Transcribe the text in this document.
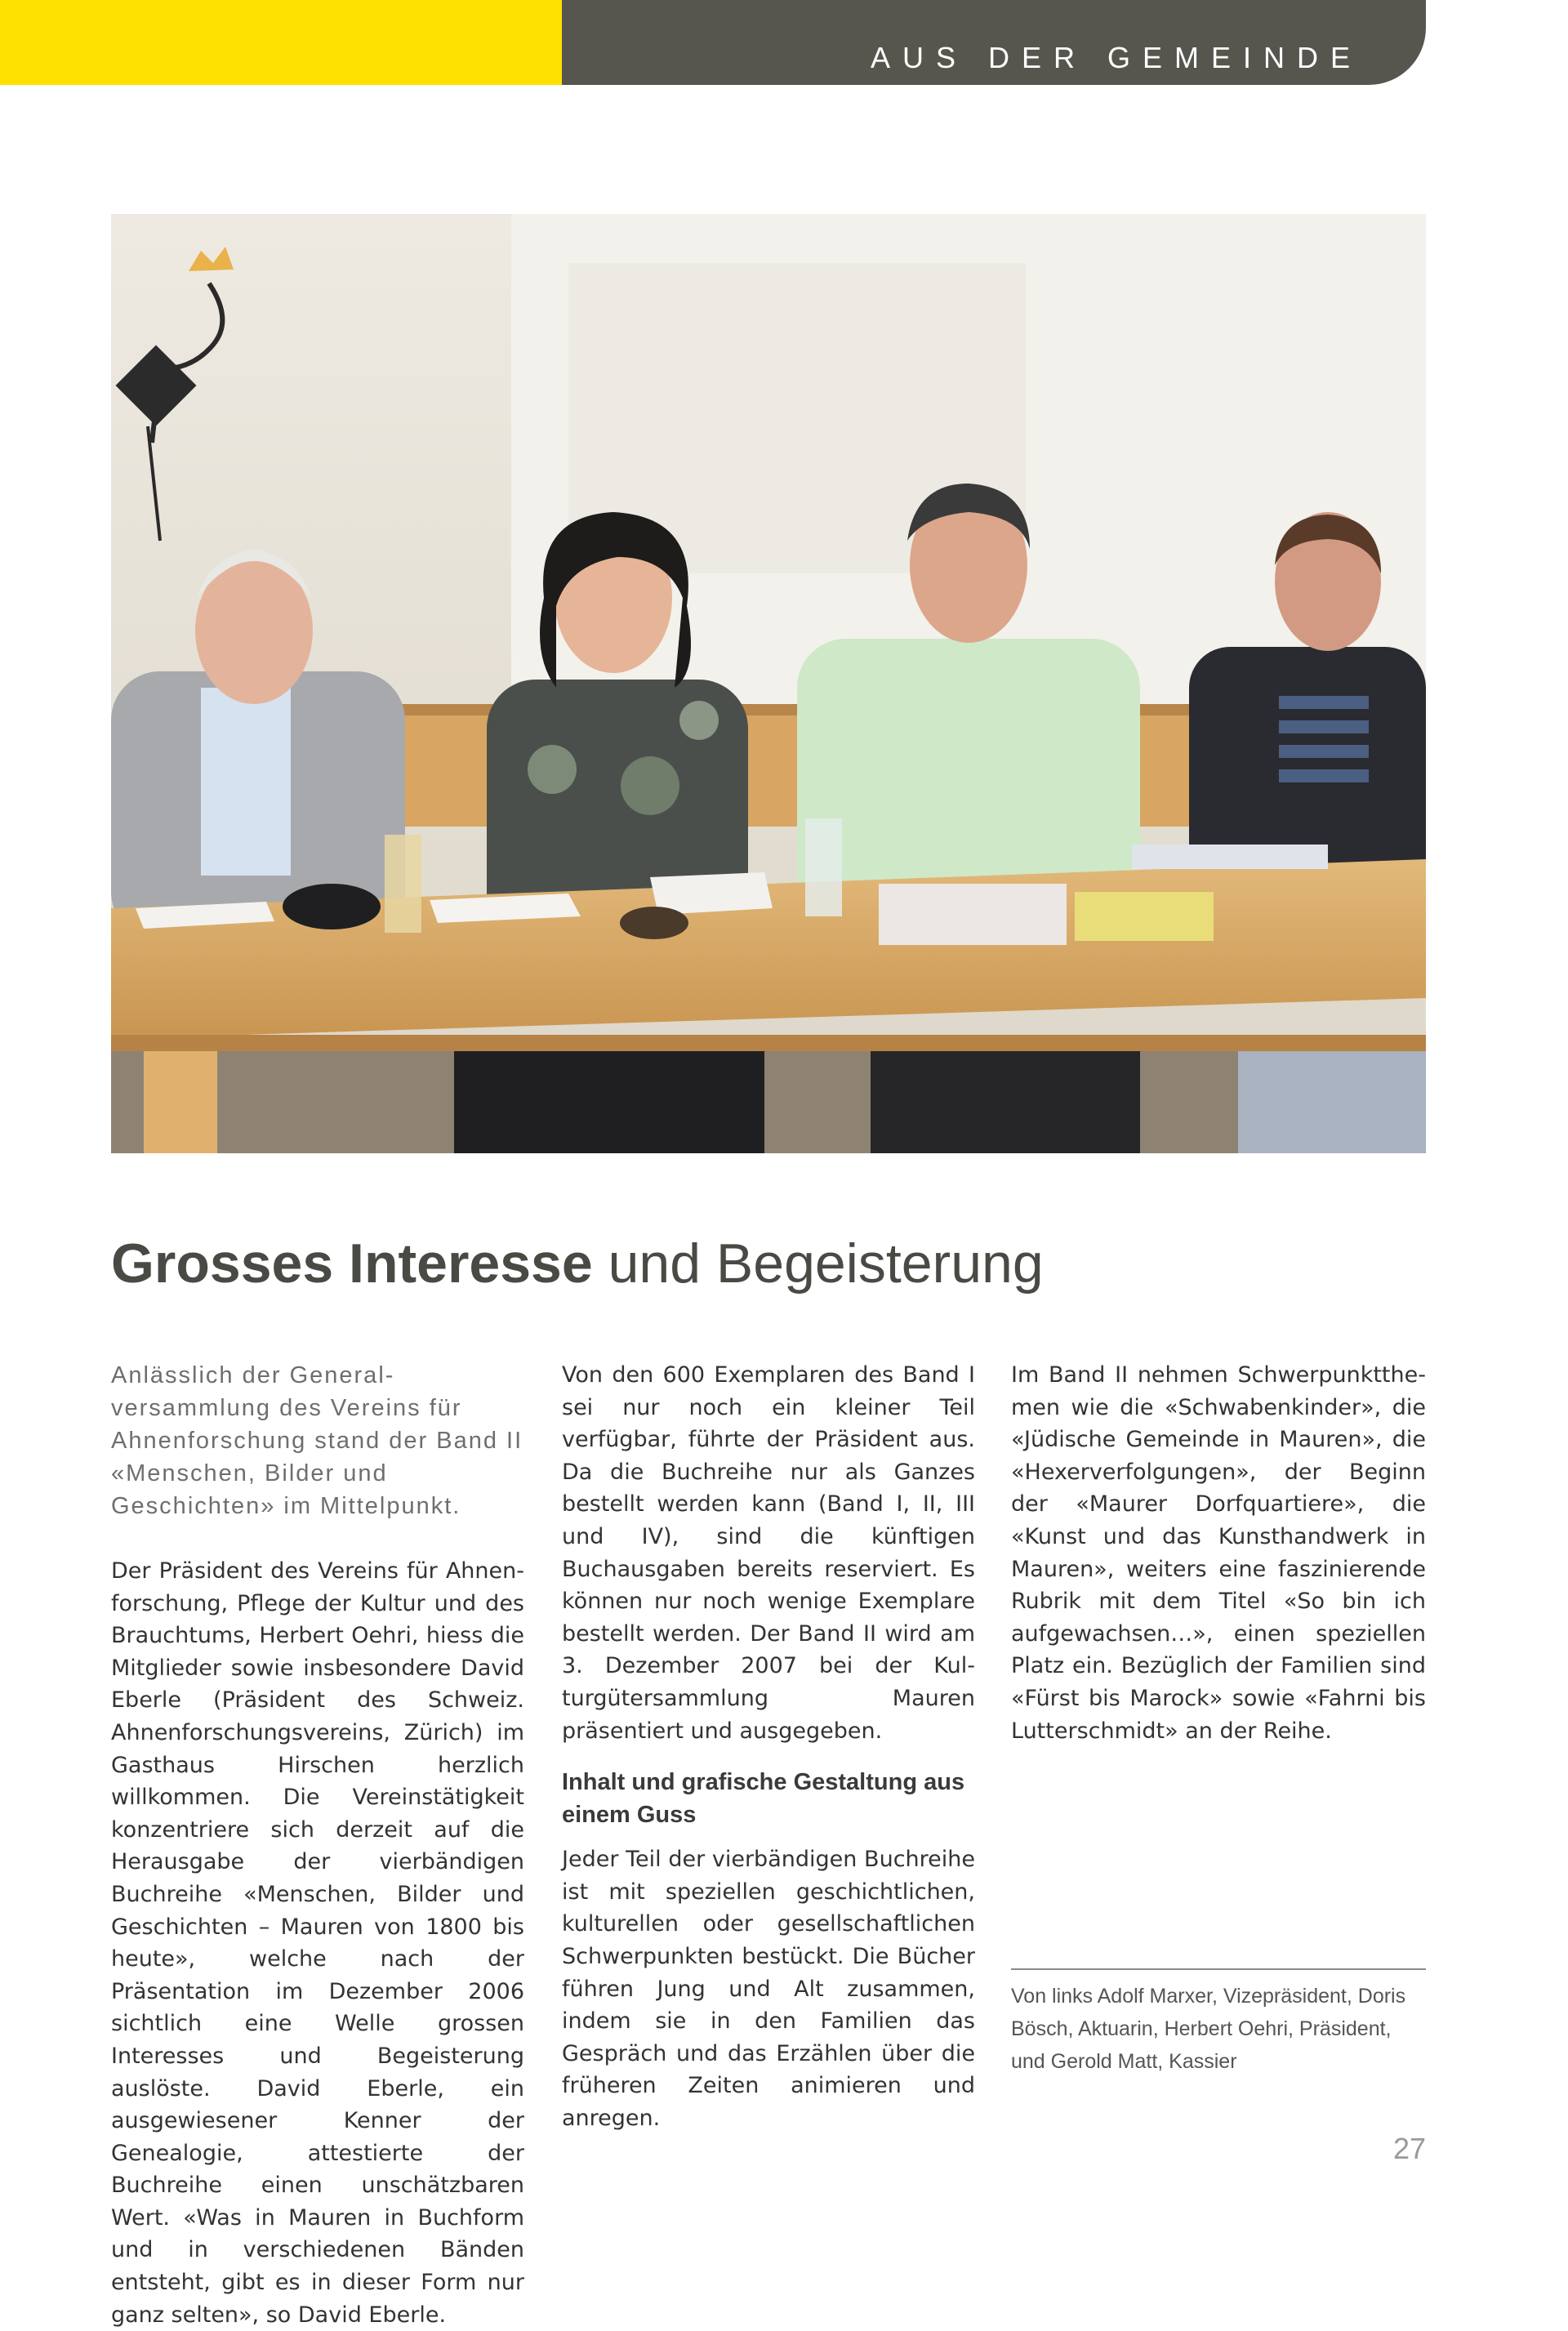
AUS DER GEMEINDE
Grosses Interesse und Begeisterung

Anlässlich der Generalversammlung des Vereins für Ahnenforschung stand der Band II «Menschen, Bilder und Geschichten» im Mittelpunkt.

Der Präsident des Vereins für Ahnenforschung, Pflege der Kultur und des Brauchtums, Herbert Oehri, hiess die Mitglieder sowie insbesondere David Eberle (Präsident des Schweiz. Ahnenforschungsvereins, Zürich) im Gasthaus Hirschen herzlich willkommen. Die Vereinstätigkeit konzentriere sich derzeit auf die Herausgabe der vierbändigen Buchreihe «Menschen, Bilder und Geschichten – Mauren von 1800 bis heute», welche nach der Präsentation im Dezember 2006 sichtlich eine Welle grossen Interesses und Begeisterung auslöste. David Eberle, ein ausgewiesener Kenner der Genealogie, attestierte der Buchreihe einen unschätzbaren Wert. «Was in Mauren in Buchform und in verschiedenen Bänden entsteht, gibt es in dieser Form nur ganz selten», so David Eberle.

Von den 600 Exemplaren des Band I sei nur noch ein kleiner Teil verfügbar, führte der Präsident aus. Da die Buchreihe nur als Ganzes bestellt werden kann (Band I, II, III und IV), sind die künftigen Buchausgaben bereits reserviert. Es können nur noch wenige Exemplare bestellt werden. Der Band II wird am 3. Dezember 2007 bei der Kulturgütersammlung Mauren präsentiert und ausgegeben.

Inhalt und grafische Gestaltung aus einem Guss

Jeder Teil der vierbändigen Buchreihe ist mit speziellen geschichtlichen, kulturellen oder gesellschaftlichen Schwerpunkten bestückt. Die Bücher führen Jung und Alt zusammen, indem sie in den Familien das Gespräch und das Erzählen über die früheren Zeiten animieren und anregen.

Im Band II nehmen Schwerpunktthemen wie die «Schwabenkinder», die «Jüdische Gemeinde in Mauren», die «Hexerverfolgungen», der Beginn der «Maurer Dorfquartiere», die «Kunst und das Kunsthandwerk in Mauren», weiters eine faszinierende Rubrik mit dem Titel «So bin ich aufgewachsen…», einen speziellen Platz ein. Bezüglich der Familien sind «Fürst bis Marock» sowie «Fahrni bis Lutterschmidt» an der Reihe.

Von links Adolf Marxer, Vizepräsident, Doris Bösch, Aktuarin, Herbert Oehri, Präsident, und Gerold Matt, Kassier
27
